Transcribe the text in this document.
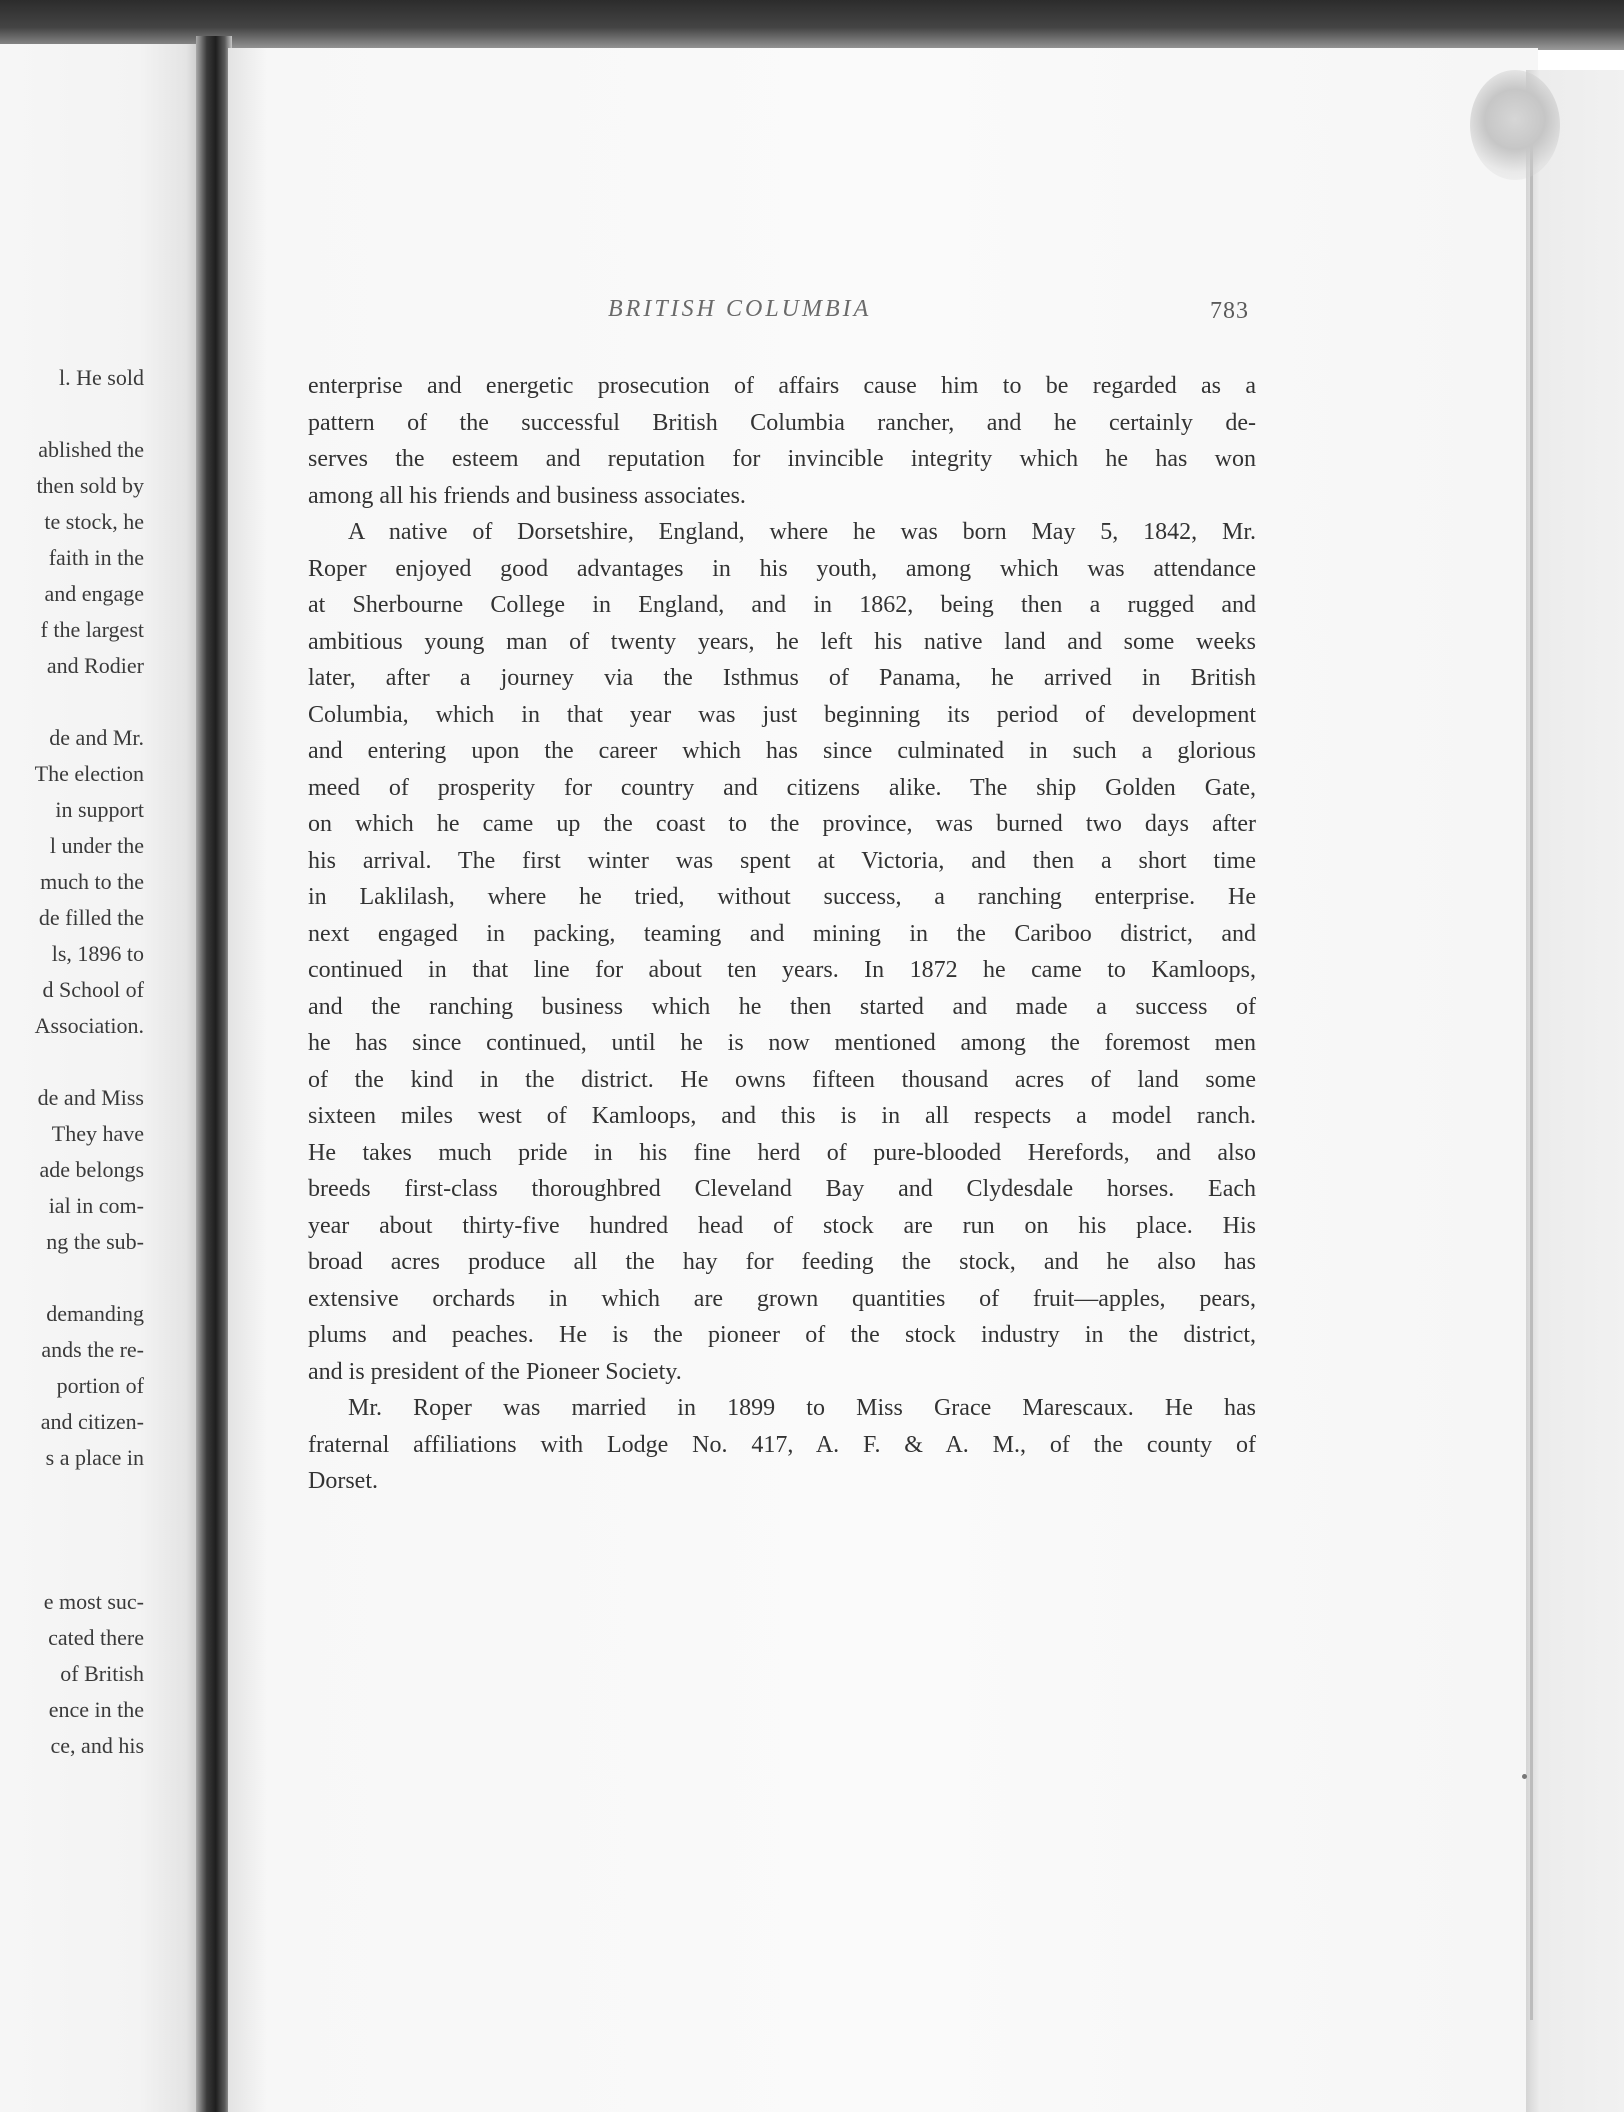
l. He sold
ablished the
then sold by
te stock, he
faith in the
and engage
f the largest
and Rodier
de and Mr.
The election
in support
l under the
much to the
de filled the
ls, 1896 to
d School of
Association.
de and Miss
They have
ade belongs
ial in com-
ng the sub-
demanding
ands the re-
portion of
and citizen-
s a place in
e most suc-
cated there
of British
ence in the
ce, and his
BRITISH COLUMBIA	783
enterprise and energetic prosecution of affairs cause him to be regarded as a
pattern of the successful British Columbia rancher, and he certainly de-
serves the esteem and reputation for invincible integrity which he has won
among all his friends and business associates.
A native of Dorsetshire, England, where he was born May 5, 1842, Mr.
Roper enjoyed good advantages in his youth, among which was attendance
at Sherbourne College in England, and in 1862, being then a rugged and
ambitious young man of twenty years, he left his native land and some weeks
later, after a journey via the Isthmus of Panama, he arrived in British
Columbia, which in that year was just beginning its period of development
and entering upon the career which has since culminated in such a glorious
meed of prosperity for country and citizens alike. The ship Golden Gate,
on which he came up the coast to the province, was burned two days after
his arrival. The first winter was spent at Victoria, and then a short time
in Laklilash, where he tried, without success, a ranching enterprise. He
next engaged in packing, teaming and mining in the Cariboo district, and
continued in that line for about ten years. In 1872 he came to Kamloops,
and the ranching business which he then started and made a success of
he has since continued, until he is now mentioned among the foremost men
of the kind in the district. He owns fifteen thousand acres of land some
sixteen miles west of Kamloops, and this is in all respects a model ranch.
He takes much pride in his fine herd of pure-blooded Herefords, and also
breeds first-class thoroughbred Cleveland Bay and Clydesdale horses. Each
year about thirty-five hundred head of stock are run on his place. His
broad acres produce all the hay for feeding the stock, and he also has
extensive orchards in which are grown quantities of fruit—apples, pears,
plums and peaches. He is the pioneer of the stock industry in the district,
and is president of the Pioneer Society.
Mr. Roper was married in 1899 to Miss Grace Marescaux. He has
fraternal affiliations with Lodge No. 417, A. F. & A. M., of the county of
Dorset.
